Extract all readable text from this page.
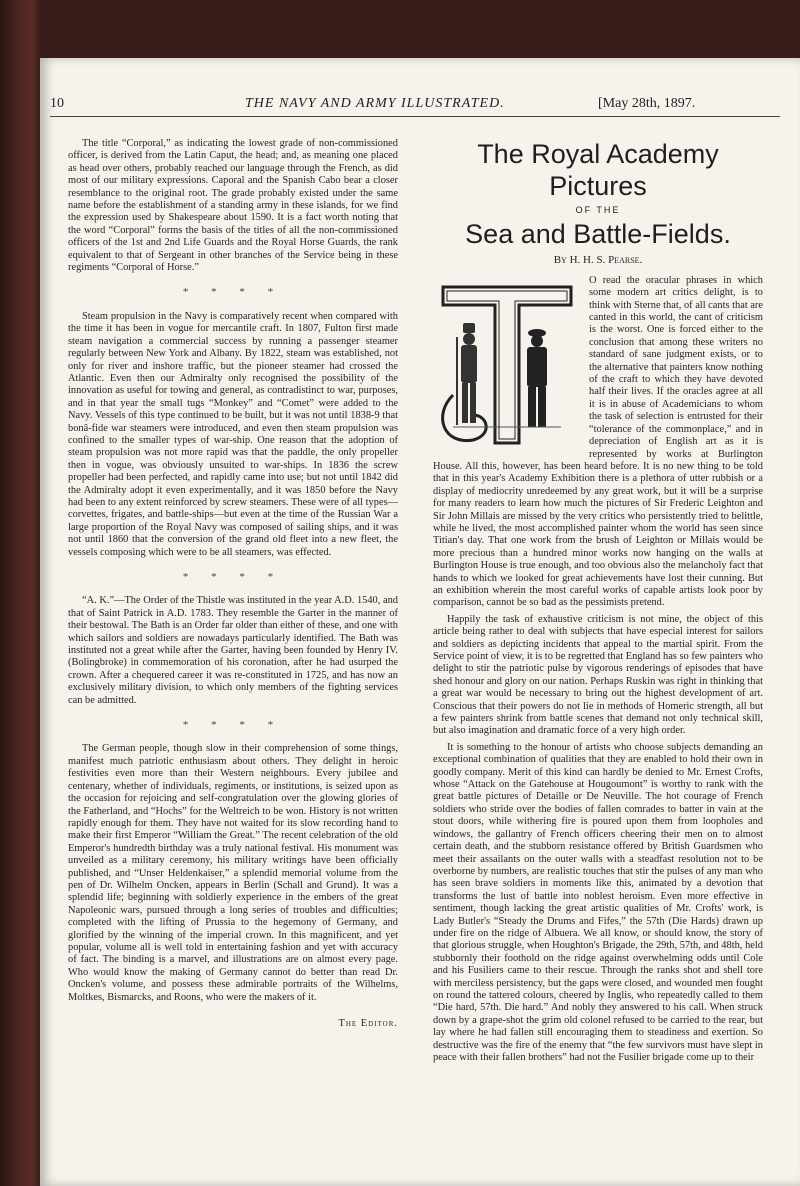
10	THE NAVY AND ARMY ILLUSTRATED.	[May 28th, 1897.

The title “Corporal,” as indicating the lowest grade of non-commissioned officer, is derived from the Latin Caput, the head; and, as meaning one placed as head over others, probably reached our language through the French, as did most of our military expressions. Caporal and the Spanish Cabo bear a closer resemblance to the original root. The grade probably existed under the same name before the establishment of a standing army in these islands, for we find the expression used by Shakespeare about 1590. It is a fact worth noting that the word “Corporal” forms the basis of the titles of all the non-commissioned officers of the 1st and 2nd Life Guards and the Royal Horse Guards, the rank equivalent to that of Sergeant in other branches of the Service being in these regiments “Corporal of Horse.”

* * * *

Steam propulsion in the Navy is comparatively recent when compared with the time it has been in vogue for mercantile craft. In 1807, Fulton first made steam navigation a commercial success by running a passenger steamer regularly between New York and Albany. By 1822, steam was established, not only for river and inshore traffic, but the pioneer steamer had crossed the Atlantic. Even then our Admiralty only recognised the possibility of the innovation as useful for towing and general, as contradistinct to war, purposes, and in that year the small tugs “Monkey” and “Comet” were added to the Navy. Vessels of this type continued to be built, but it was not until 1838-9 that bonâ-fide war steamers were introduced, and even then steam propulsion was confined to the smaller types of war-ship. One reason that the adoption of steam propulsion was not more rapid was that the paddle, the only propeller then in vogue, was obviously unsuited to war-ships. In 1836 the screw propeller had been perfected, and rapidly came into use; but not until 1842 did the Admiralty adopt it even experimentally, and it was 1850 before the Navy had been to any extent reinforced by screw steamers. These were of all types—corvettes, frigates, and battle-ships—but even at the time of the Russian War a large proportion of the Royal Navy was composed of sailing ships, and it was not until 1860 that the conversion of the grand old fleet into a new fleet, the vessels composing which were to be all steamers, was effected.

* * * *

“A. K.”—The Order of the Thistle was instituted in the year A.D. 1540, and that of Saint Patrick in A.D. 1783. They resemble the Garter in the manner of their bestowal. The Bath is an Order far older than either of these, and one with which sailors and soldiers are nowadays particularly identified. The Bath was instituted not a great while after the Garter, having been founded by Henry IV. (Bolingbroke) in commemoration of his coronation, after he had usurped the crown. After a chequered career it was re-constituted in 1725, and has now an exclusively military division, to which only members of the fighting services can be admitted.

* * * *

The German people, though slow in their comprehension of some things, manifest much patriotic enthusiasm about others. They delight in heroic festivities even more than their Western neighbours. Every jubilee and centenary, whether of individuals, regiments, or institutions, is seized upon as the occasion for rejoicing and self-congratulation over the glowing glories of the Fatherland, and “Hochs” for the Weltreich to be won. History is not written rapidly enough for them. They have not waited for its slow recording hand to make their first Emperor “William the Great.” The recent celebration of the old Emperor's hundredth birthday was a truly national festival. His monument was unveiled as a military ceremony, his military writings have been officially published, and “Unser Heldenkaiser,” a splendid memorial volume from the pen of Dr. Wilhelm Oncken, appears in Berlin (Schall and Grund). It was a splendid life; beginning with soldierly experience in the embers of the great Napoleonic wars, pursued through a long series of troubles and difficulties; completed with the lifting of Prussia to the hegemony of Germany, and glorified by the winning of the imperial crown. In this magnificent, and yet popular, volume all is well told in entertaining fashion and yet with accuracy of fact. The binding is a marvel, and illustrations are on almost every page. Who would know the making of Germany cannot do better than read Dr. Oncken's volume, and possess these admirable portraits of the Wilhelms, Moltkes, Bismarcks, and Roons, who were the makers of it.

The Editor.
The Royal Academy Pictures
OF THE
Sea and Battle-Fields.
By H. H. S. Pearse.

O read the oracular phrases in which some modern art critics delight, is to think with Sterne that, of all cants that are canted in this world, the cant of criticism is the worst. One is forced either to the conclusion that among these writers no standard of sane judgment exists, or to the alternative that painters know nothing of the craft to which they have devoted half their lives. If the oracles agree at all it is in abuse of Academicians to whom the task of selection is entrusted for their “tolerance of the commonplace,” and in depreciation of English art as it is represented by works at Burlington House. All this, however, has been heard before. It is no new thing to be told that in this year's Academy Exhibition there is a plethora of utter rubbish or a display of mediocrity unredeemed by any great work, but it will be a surprise for many readers to learn how much the pictures of Sir Frederic Leighton and Sir John Millais are missed by the very critics who persistently tried to belittle, while he lived, the most accomplished painter whom the world has seen since Titian's day. That one work from the brush of Leighton or Millais would be more precious than a hundred minor works now hanging on the walls at Burlington House is true enough, and too obvious also the melancholy fact that hands to which we looked for great achievements have lost their cunning. But an exhibition wherein the most careful works of capable artists look poor by comparison, cannot be so bad as the pessimists pretend.

Happily the task of exhaustive criticism is not mine, the object of this article being rather to deal with subjects that have especial interest for sailors and soldiers as depicting incidents that appeal to the martial spirit. From the Service point of view, it is to be regretted that England has so few painters who delight to stir the patriotic pulse by vigorous renderings of episodes that have shed honour and glory on our nation. Perhaps Ruskin was right in thinking that a great war would be necessary to bring out the highest development of art. Conscious that their powers do not lie in methods of Homeric strength, all but a few painters shrink from battle scenes that demand not only technical skill, but also imagination and dramatic force of a very high order.

It is something to the honour of artists who choose subjects demanding an exceptional combination of qualities that they are enabled to hold their own in goodly company. Merit of this kind can hardly be denied to Mr. Ernest Crofts, whose “Attack on the Gatehouse at Hougoumont” is worthy to rank with the great battle pictures of Detaille or De Neuville. The hot courage of French soldiers who stride over the bodies of fallen comrades to batter in vain at the stout doors, while withering fire is poured upon them from loopholes and windows, the gallantry of French officers cheering their men on to almost certain death, and the stubborn resistance offered by British Guardsmen who meet their assailants on the outer walls with a steadfast resolution not to be overborne by numbers, are realistic touches that stir the pulses of any man who has seen brave soldiers in moments like this, animated by a devotion that transforms the lust of battle into noblest heroism. Even more effective in sentiment, though lacking the great artistic qualities of Mr. Crofts' work, is Lady Butler's “Steady the Drums and Fifes,” the 57th (Die Hards) drawn up under fire on the ridge of Albuera. We all know, or should know, the story of that glorious struggle, when Houghton's Brigade, the 29th, 57th, and 48th, held stubbornly their foothold on the ridge against overwhelming odds until Cole and his Fusiliers came to their rescue. Through the ranks shot and shell tore with merciless persistency, but the gaps were closed, and wounded men fought on round the tattered colours, cheered by Inglis, who repeatedly called to them “Die hard, 57th. Die hard.” And nobly they answered to his call. When struck down by a grape-shot the grim old colonel refused to be carried to the rear, but lay where he had fallen still encouraging them to steadiness and exertion. So destructive was the fire of the enemy that “the few survivors must have slept in peace with their fallen brothers” had not the Fusilier brigade come up to their
